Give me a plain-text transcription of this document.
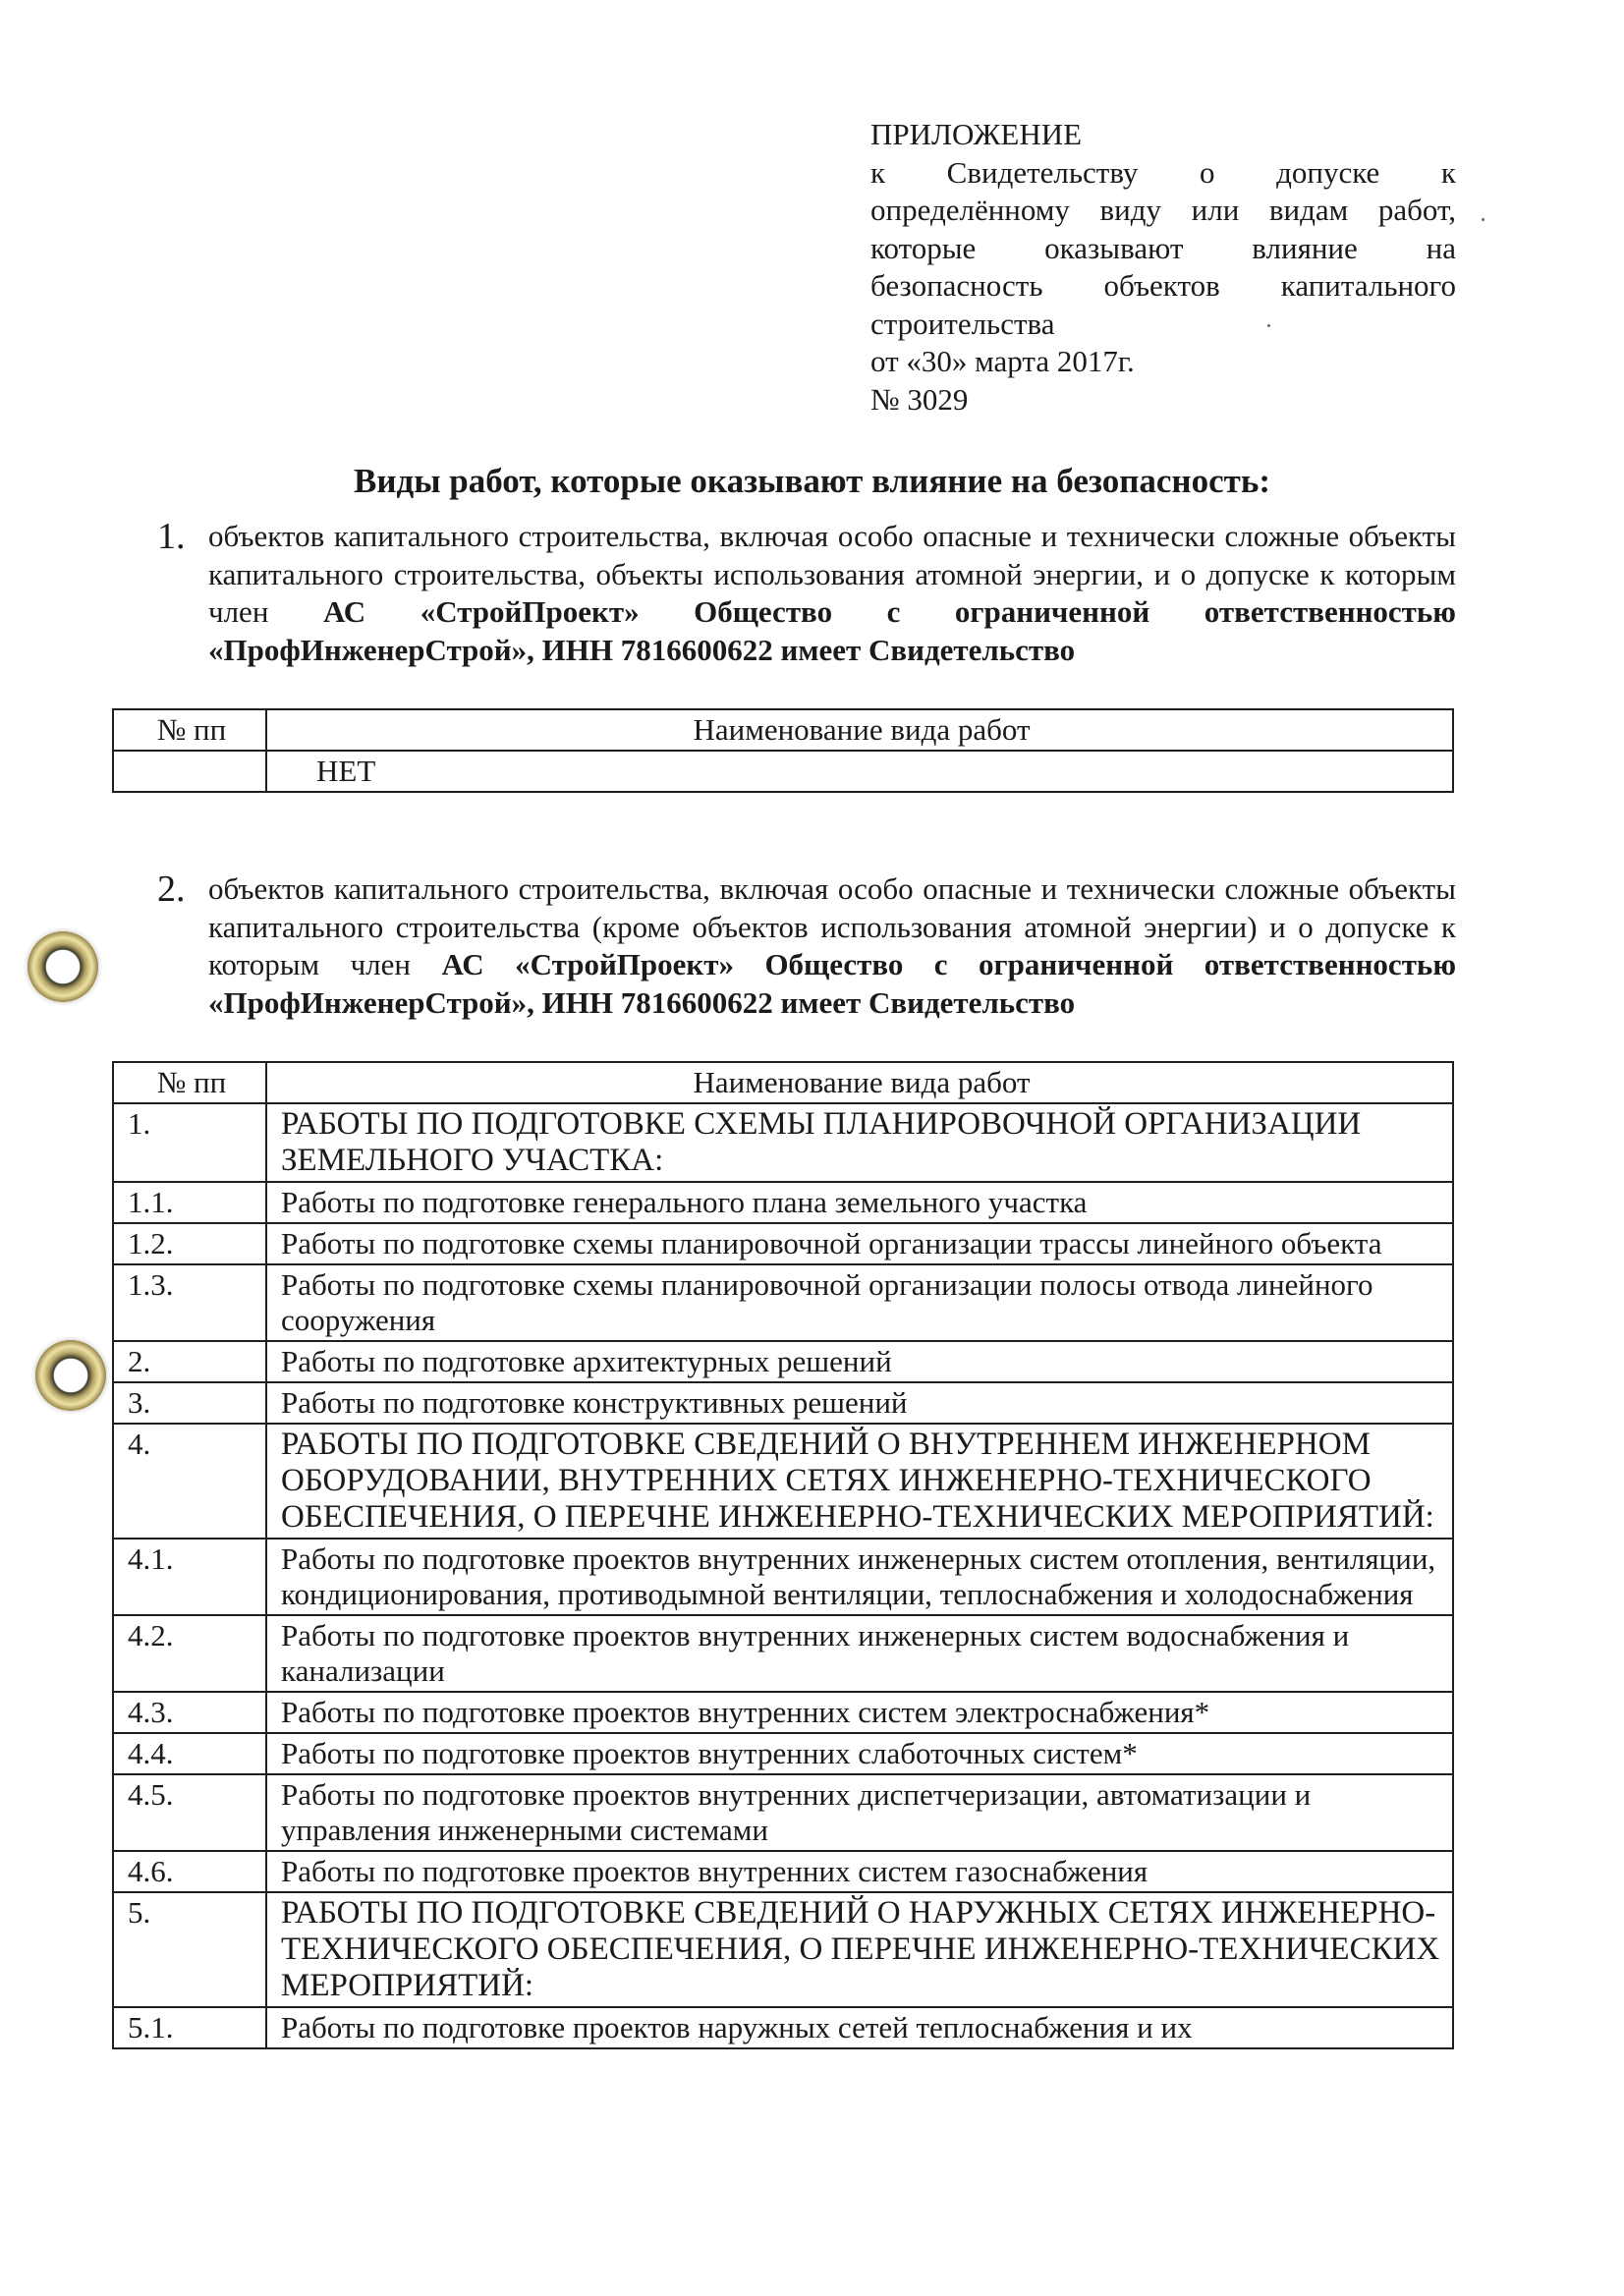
ПРИЛОЖЕНИЕ
к Свидетельству о допуске к
определённому виду или видам работ,
которые оказывают влияние на
безопасность объектов капитального
строительства
от «30» марта 2017г.
№ 3029
Виды работ, которые оказывают влияние на безопасность:
1. объектов капитального строительства, включая особо опасные и технически сложные объекты капитального строительства, объекты использования атомной энергии, и о допуске к которым член АС «СтройПроект» Общество с ограниченной ответственностью «ПрофИнженерСтрой», ИНН 7816600622 имеет Свидетельство
№ пп	Наименование вида работ
	НЕТ
2. объектов капитального строительства, включая особо опасные и технически сложные объекты капитального строительства (кроме объектов использования атомной энергии) и о допуске к которым член АС «СтройПроект» Общество с ограниченной ответственностью «ПрофИнженерСтрой», ИНН 7816600622 имеет Свидетельство
№ пп	Наименование вида работ
1.	РАБОТЫ ПО ПОДГОТОВКЕ СХЕМЫ ПЛАНИРОВОЧНОЙ ОРГАНИЗАЦИИ ЗЕМЕЛЬНОГО УЧАСТКА:
1.1.	Работы по подготовке генерального плана земельного участка
1.2.	Работы по подготовке схемы планировочной организации трассы линейного объекта
1.3.	Работы по подготовке схемы планировочной организации полосы отвода линейного сооружения
2.	Работы по подготовке архитектурных решений
3.	Работы по подготовке конструктивных решений
4.	РАБОТЫ ПО ПОДГОТОВКЕ СВЕДЕНИЙ О ВНУТРЕННЕМ ИНЖЕНЕРНОМ ОБОРУДОВАНИИ, ВНУТРЕННИХ СЕТЯХ ИНЖЕНЕРНО-ТЕХНИЧЕСКОГО ОБЕСПЕЧЕНИЯ, О ПЕРЕЧНЕ ИНЖЕНЕРНО-ТЕХНИЧЕСКИХ МЕРОПРИЯТИЙ:
4.1.	Работы по подготовке проектов внутренних инженерных систем отопления, вентиляции, кондиционирования, противодымной вентиляции, теплоснабжения и холодоснабжения
4.2.	Работы по подготовке проектов внутренних инженерных систем водоснабжения и канализации
4.3.	Работы по подготовке проектов внутренних систем электроснабжения*
4.4.	Работы по подготовке проектов внутренних слаботочных систем*
4.5.	Работы по подготовке проектов внутренних диспетчеризации, автоматизации и управления инженерными системами
4.6.	Работы по подготовке проектов внутренних систем газоснабжения
5.	РАБОТЫ ПО ПОДГОТОВКЕ СВЕДЕНИЙ О НАРУЖНЫХ СЕТЯХ ИНЖЕНЕРНО-ТЕХНИЧЕСКОГО ОБЕСПЕЧЕНИЯ, О ПЕРЕЧНЕ ИНЖЕНЕРНО-ТЕХНИЧЕСКИХ МЕРОПРИЯТИЙ:
5.1.	Работы по подготовке проектов наружных сетей теплоснабжения и их
